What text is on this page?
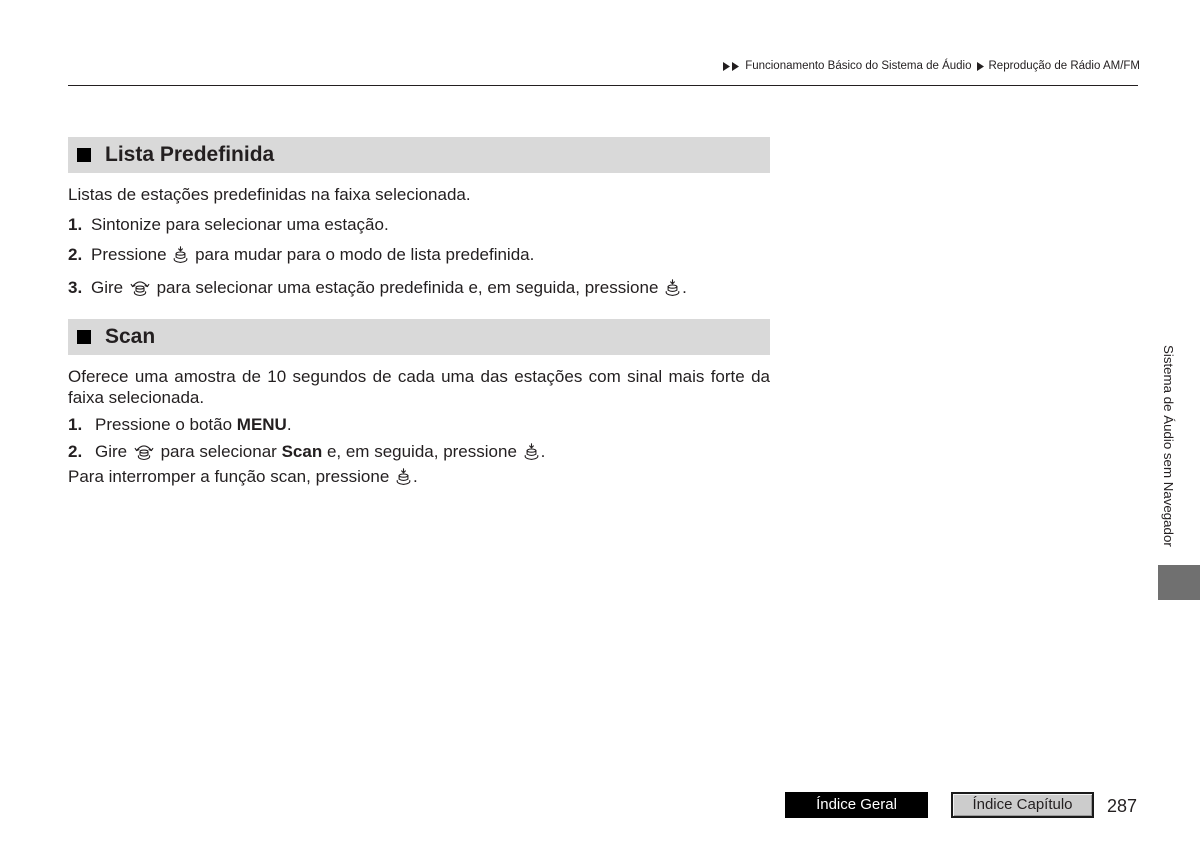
Funcionamento Básico do Sistema de Áudio Reprodução de Rádio AM/FM
Lista Predefinida

Listas de estações predefinidas na faixa selecionada.

1. Sintonize para selecionar uma estação.
2. Pressione para mudar para o modo de lista predefinida.
3. Gire para selecionar uma estação predefinida e, em seguida, pressione .
Scan

Oferece uma amostra de 10 segundos de cada uma das estações com sinal mais forte da faixa selecionada.

1. Pressione o botão MENU.
2. Gire para selecionar Scan e, em seguida, pressione .
Para interromper a função scan, pressione .	Sistema de Áudio sem Navegador
Índice Geral	Índice Capítulo	287
